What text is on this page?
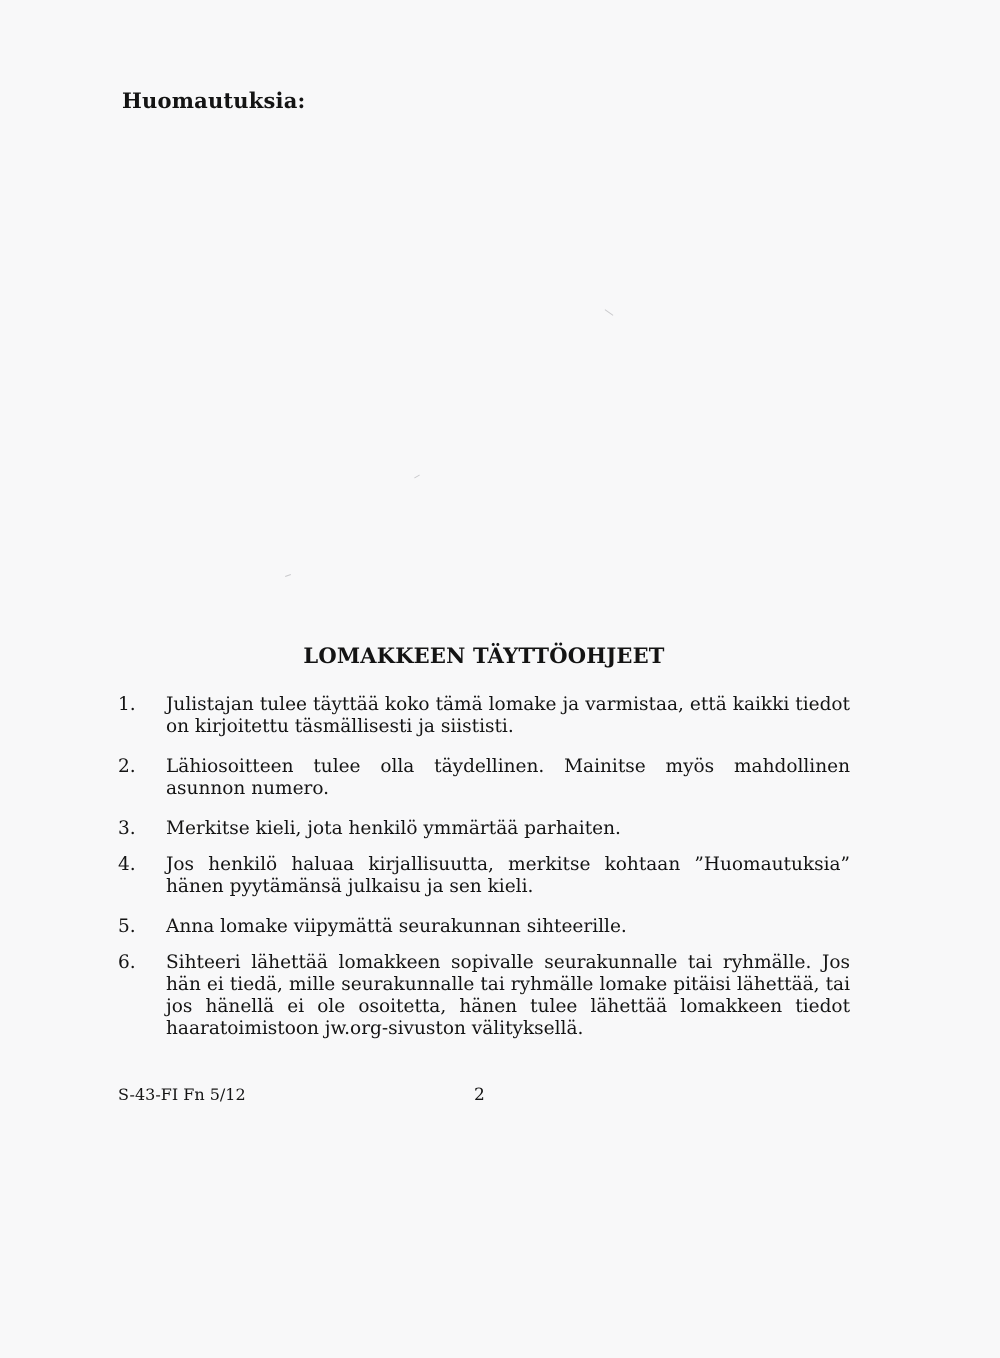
Huomautuksia:
LOMAKKEEN TÄYTTÖOHJEET
1.	Julistajan tulee täyttää koko tämä lomake ja varmistaa, että kaikki tiedot on kirjoitettu täsmällisesti ja siististi.
2.	Lähiosoitteen tulee olla täydellinen. Mainitse myös mahdollinen asunnon numero.
3.	Merkitse kieli, jota henkilö ymmärtää parhaiten.
4.	Jos henkilö haluaa kirjallisuutta, merkitse kohtaan ”Huomautuksia” hänen pyytämänsä julkaisu ja sen kieli.
5.	Anna lomake viipymättä seurakunnan sihteerille.
6.	Sihteeri lähettää lomakkeen sopivalle seurakunnalle tai ryhmälle. Jos hän ei tiedä, mille seurakunnalle tai ryhmälle lomake pitäisi lähettää, tai jos hänellä ei ole osoitetta, hänen tulee lähettää lomakkeen tiedot haaratoimistoon jw.org-sivuston välityksellä.
S-43-FI Fn 5/12	2
